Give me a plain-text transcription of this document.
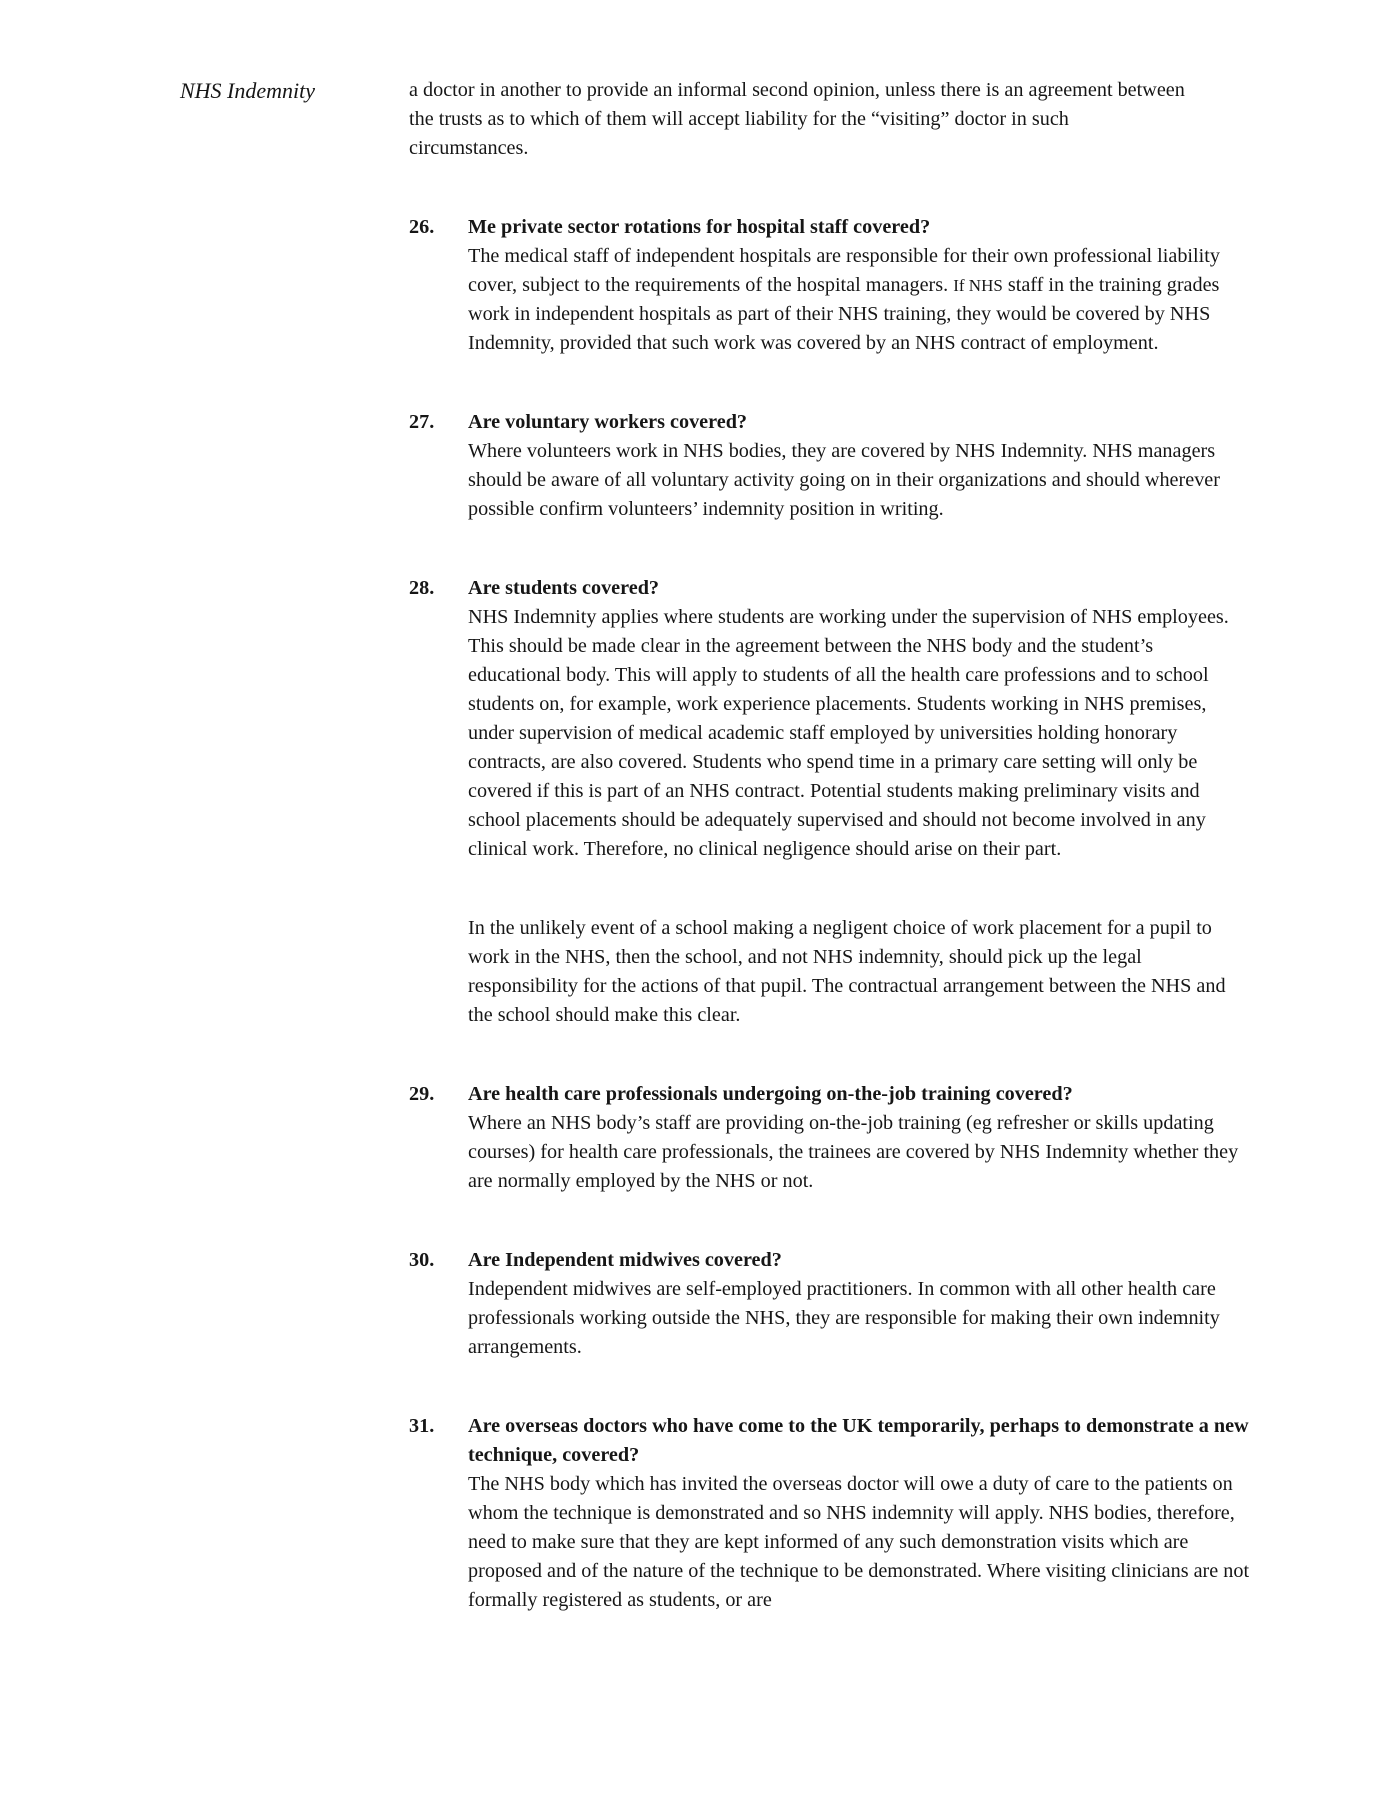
NHS Indemnity	a doctor in another to provide an informal second opinion, unless there is an agreement between the trusts as to which of them will accept liability for the “visiting” doctor in such circumstances.

26.	Me private sector rotations for hospital staff covered?

The medical staff of independent hospitals are responsible for their own professional liability cover, subject to the requirements of the hospital managers. If NHS staff in the training grades work in independent hospitals as part of their NHS training, they would be covered by NHS Indemnity, provided that such work was covered by an NHS contract of employment.

27.	Are voluntary workers covered?

Where volunteers work in NHS bodies, they are covered by NHS Indemnity. NHS managers should be aware of all voluntary activity going on in their organizations and should wherever possible confirm volunteers’ indemnity position in writing.

28.	Are students covered?

NHS Indemnity applies where students are working under the supervision of NHS employees. This should be made clear in the agreement between the NHS body and the student’s educational body. This will apply to students of all the health care professions and to school students on, for example, work experience placements. Students working in NHS premises, under supervision of medical academic staff employed by universities holding honorary contracts, are also covered. Students who spend time in a primary care setting will only be covered if this is part of an NHS contract. Potential students making preliminary visits and school placements should be adequately supervised and should not become involved in any clinical work. Therefore, no clinical negligence should arise on their part.

In the unlikely event of a school making a negligent choice of work placement for a pupil to work in the NHS, then the school, and not NHS indemnity, should pick up the legal responsibility for the actions of that pupil. The contractual arrangement between the NHS and the school should make this clear.

29.	Are health care professionals undergoing on-the-job training covered?

Where an NHS body’s staff are providing on-the-job training (eg refresher or skills updating courses) for health care professionals, the trainees are covered by NHS Indemnity whether they are normally employed by the NHS or not.

30.	Are Independent midwives covered?

Independent midwives are self-employed practitioners. In common with all other health care professionals working outside the NHS, they are responsible for making their own indemnity arrangements.

31.	Are overseas doctors who have come to the UK temporarily, perhaps to demonstrate a new technique, covered?

The NHS body which has invited the overseas doctor will owe a duty of care to the patients on whom the technique is demonstrated and so NHS indemnity will apply. NHS bodies, therefore, need to make sure that they are kept informed of any such demonstration visits which are proposed and of the nature of the technique to be demonstrated. Where visiting clinicians are not formally registered as students, or are
